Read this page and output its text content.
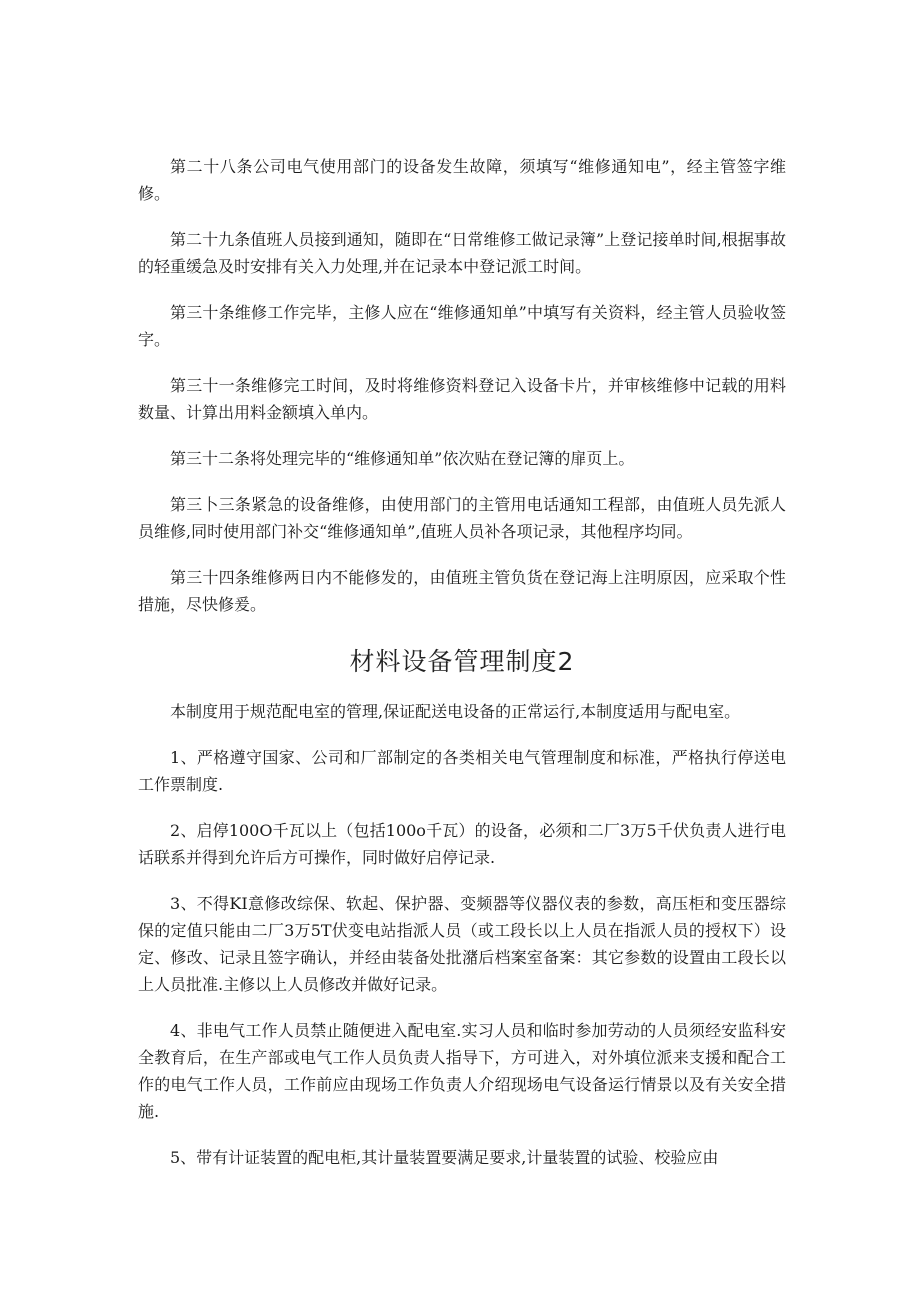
第二十八条公司电气使用部门的设备发生故障，须填写“维修通知电”，经主管签字维修。

第二十九条值班人员接到通知，随即在“日常维修工做记录簿”上登记接单时间,根据事故的轻重缓急及时安排有关入力处理,并在记录本中登记派工时间。

第三十条维修工作完毕，主修人应在“维修通知单”中填写有关资料，经主管人员验收签字。

第三十一条维修完工时间，及时将维修资料登记入设备卡片，并审核维修中记载的用料数量、计算出用料金额填入单内。

第三十二条将处理完毕的“维修通知单”依次贴在登记簿的扉页上。

第三卜三条紧急的设备维修，由使用部门的主管用电话通知工程部，由值班人员先派人员维修,同时使用部门补交“维修通知单”,值班人员补各项记录，其他程序均同。

第三十四条维修两日内不能修发的，由值班主管负货在登记海上注明原因，应采取个性措施，尽快修爰。

材料设备管理制度2

本制度用于规范配电室的管理,保证配送电设备的正常运行,本制度适用与配电室。

1、严格遵守国家、公司和厂部制定的各类相关电气管理制度和标准，严格执行停送电工作票制度.

2、启停100O千瓦以上（包括100o千瓦）的设备，必须和二厂3万5千伏负责人进行电话联系并得到允许后方可操作，同时做好启停记录.

3、不得KI意修改综保、软起、保护器、变频器等仪器仪表的参数，高压柜和变压器综保的定值只能由二厂3万5T伏变电站指派人员（或工段长以上人员在指派人员的授权下）设定、修改、记录且签字确认，并经由装备处批潴后档案室备案：其它参数的设置由工段长以上人员批准.主修以上人员修改并做好记录。

4、非电气工作人员禁止随便进入配电室.实习人员和临时参加劳动的人员须经安监科安全教育后，在生产部或电气工作人员负责人指导下，方可进入，对外填位派来支援和配合工作的电气工作人员，工作前应由现场工作负责人介绍现场电气设备运行情景以及有关安全措施.

5、带有计证装置的配电柜,其计量装置要满足要求,计量装置的试验、校验应由
